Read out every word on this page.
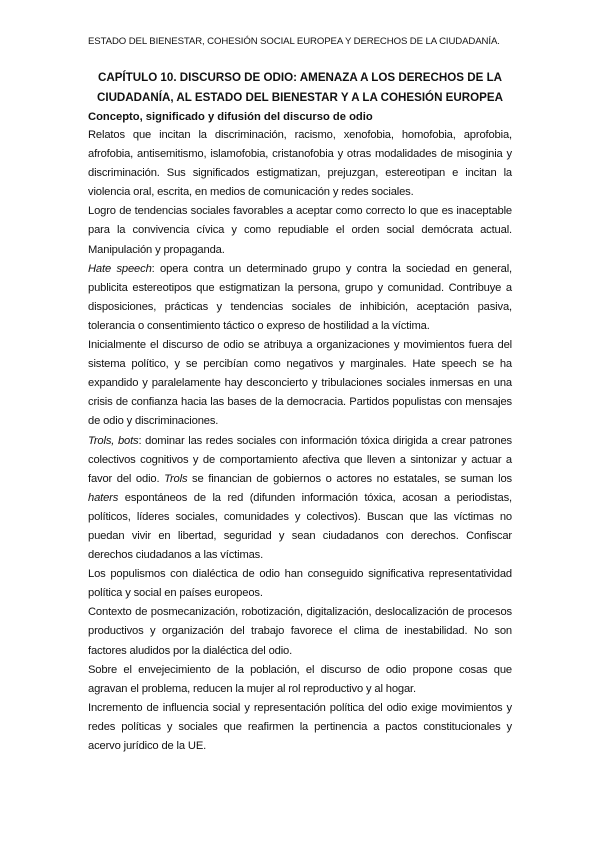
ESTADO DEL BIENESTAR, COHESIÓN SOCIAL EUROPEA Y DERECHOS DE LA CIUDADANÍA.
CAPÍTULO 10. DISCURSO DE ODIO: AMENAZA A LOS DERECHOS DE LA CIUDADANÍA, AL ESTADO DEL BIENESTAR Y A LA COHESIÓN EUROPEA
Concepto, significado y difusión del discurso de odio

Relatos que incitan la discriminación, racismo, xenofobia, homofobia, aprofobia, afrofobia, antisemitismo, islamofobia, cristanofobia y otras modalidades de misoginia y discriminación. Sus significados estigmatizan, prejuzgan, estereotipan e incitan la violencia oral, escrita, en medios de comunicación y redes sociales.

Logro de tendencias sociales favorables a aceptar como correcto lo que es inaceptable para la convivencia cívica y como repudiable el orden social demócrata actual. Manipulación y propaganda.

Hate speech: opera contra un determinado grupo y contra la sociedad en general, publicita estereotipos que estigmatizan la persona, grupo y comunidad. Contribuye a disposiciones, prácticas y tendencias sociales de inhibición, aceptación pasiva, tolerancia o consentimiento táctico o expreso de hostilidad a la víctima.

Inicialmente el discurso de odio se atribuya a organizaciones y movimientos fuera del sistema político, y se percibían como negativos y marginales. Hate speech se ha expandido y paralelamente hay desconcierto y tribulaciones sociales inmersas en una crisis de confianza hacia las bases de la democracia. Partidos populistas con mensajes de odio y discriminaciones.

Trols, bots: dominar las redes sociales con información tóxica dirigida a crear patrones colectivos cognitivos y de comportamiento afectiva que lleven a sintonizar y actuar a favor del odio. Trols se financian de gobiernos o actores no estatales, se suman los haters espontáneos de la red (difunden información tóxica, acosan a periodistas, políticos, líderes sociales, comunidades y colectivos). Buscan que las víctimas no puedan vivir en libertad, seguridad y sean ciudadanos con derechos. Confiscar derechos ciudadanos a las víctimas.

Los populismos con dialéctica de odio han conseguido significativa representatividad política y social en países europeos.

Contexto de posmecanización, robotización, digitalización, deslocalización de procesos productivos y organización del trabajo favorece el clima de inestabilidad. No son factores aludidos por la dialéctica del odio.

Sobre el envejecimiento de la población, el discurso de odio propone cosas que agravan el problema, reducen la mujer al rol reproductivo y al hogar.

Incremento de influencia social y representación política del odio exige movimientos y redes políticas y sociales que reafirmen la pertinencia a pactos constitucionales y acervo jurídico de la UE.
